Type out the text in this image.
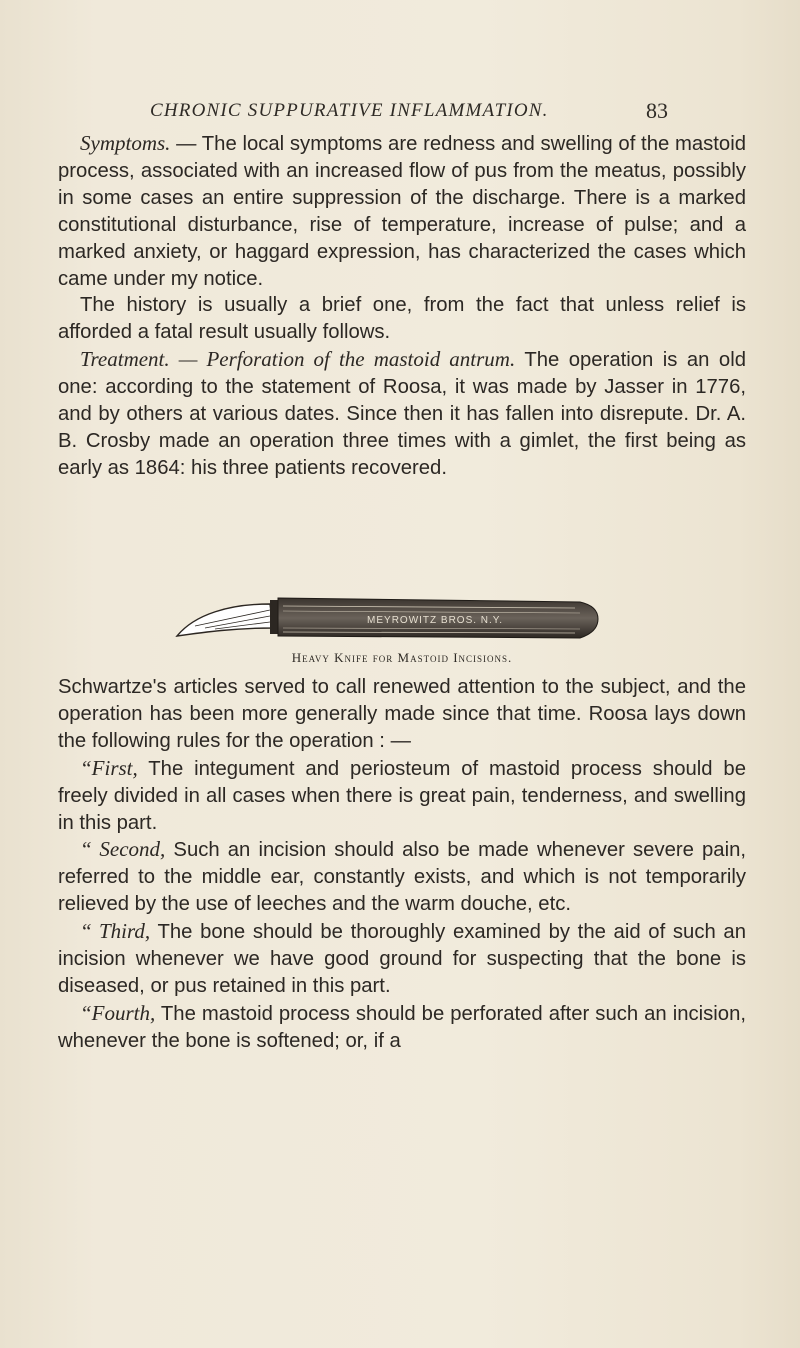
CHRONIC SUPPURATIVE INFLAMMATION.	83

Symptoms. — The local symptoms are redness and swelling of the mastoid process, associated with an increased flow of pus from the meatus, possibly in some cases an entire suppression of the discharge. There is a marked constitutional disturbance, rise of temperature, increase of pulse; and a marked anxiety, or haggard expression, has characterized the cases which came under my notice.

The history is usually a brief one, from the fact that unless relief is afforded a fatal result usually follows.

Treatment. — Perforation of the mastoid antrum. The operation is an old one: according to the statement of Roosa, it was made by Jasser in 1776, and by others at various dates. Since then it has fallen into disrepute. Dr. A. B. Crosby made an operation three times with a gimlet, the first being as early as 1864: his three patients recovered.

MEYROWITZ BROS. N.Y.
Heavy Knife for Mastoid Incisions.

Schwartze's articles served to call renewed attention to the subject, and the operation has been more generally made since that time. Roosa lays down the following rules for the operation : —

“First, The integument and periosteum of mastoid process should be freely divided in all cases when there is great pain, tenderness, and swelling in this part.

“ Second, Such an incision should also be made whenever severe pain, referred to the middle ear, constantly exists, and which is not temporarily relieved by the use of leeches and the warm douche, etc.

“ Third, The bone should be thoroughly examined by the aid of such an incision whenever we have good ground for suspecting that the bone is diseased, or pus retained in this part.

“Fourth, The mastoid process should be perforated after such an incision, whenever the bone is softened; or, if a
